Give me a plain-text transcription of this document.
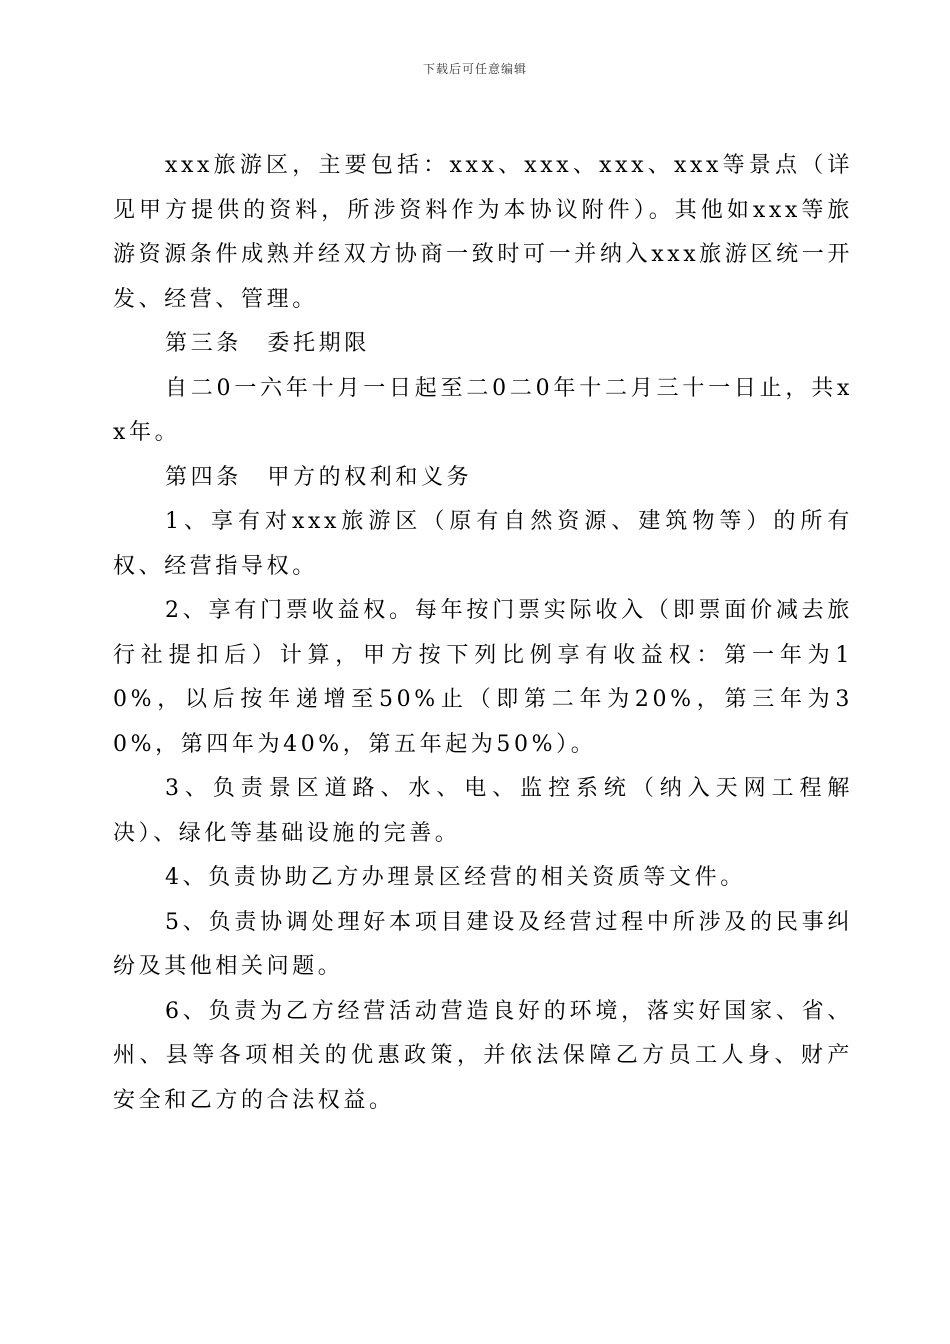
下载后可任意编辑

xxx旅游区，主要包括：xxx、xxx、xxx、xxx等景点（详见甲方提供的资料，所涉资料作为本协议附件）。其他如xxx等旅游资源条件成熟并经双方协商一致时可一并纳入xxx旅游区统一开发、经营、管理。

第三条　委托期限

自二0一六年十月一日起至二0二0年十二月三十一日止，共xx年。

第四条　甲方的权利和义务

1、享有对xxx旅游区（原有自然资源、建筑物等）的所有权、经营指导权。

2、享有门票收益权。每年按门票实际收入（即票面价减去旅行社提扣后）计算，甲方按下列比例享有收益权：第一年为10%，以后按年递增至50%止（即第二年为20%，第三年为30%，第四年为40%，第五年起为50%）。

3、负责景区道路、水、电、监控系统（纳入天网工程解决）、绿化等基础设施的完善。

4、负责协助乙方办理景区经营的相关资质等文件。

5、负责协调处理好本项目建设及经营过程中所涉及的民事纠纷及其他相关问题。

6、负责为乙方经营活动营造良好的环境，落实好国家、省、州、县等各项相关的优惠政策，并依法保障乙方员工人身、财产安全和乙方的合法权益。
